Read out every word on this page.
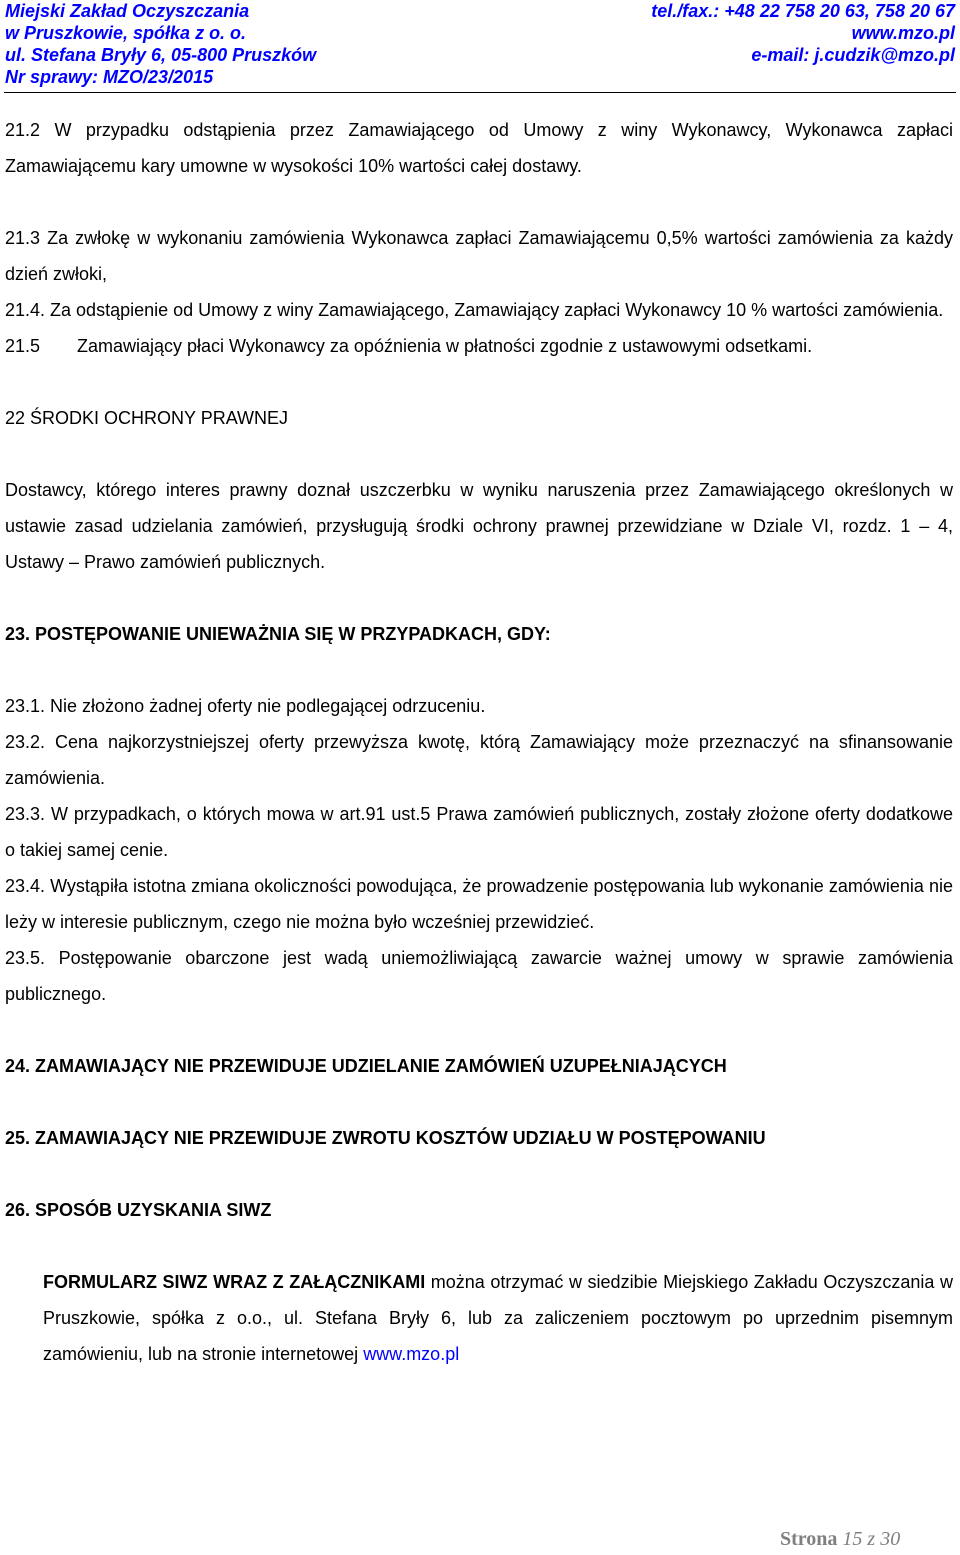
Miejski Zakład Oczyszczania	tel./fax.: +48 22 758 20 63, 758 20 67
w Pruszkowie, spółka z o. o.	www.mzo.pl
ul. Stefana Bryły 6, 05-800 Pruszków	e-mail: j.cudzik@mzo.pl
Nr sprawy: MZO/23/2015

21.2 W przypadku odstąpienia przez Zamawiającego od Umowy z winy Wykonawcy, Wykonawca zapłaci Zamawiającemu kary umowne w wysokości 10% wartości całej dostawy.

21.3 Za zwłokę w wykonaniu zamówienia Wykonawca zapłaci Zamawiającemu 0,5% wartości zamówienia za każdy dzień zwłoki,

21.4. Za odstąpienie od Umowy z winy Zamawiającego, Zamawiający zapłaci Wykonawcy 10 % wartości zamówienia.

21.5 Zamawiający płaci Wykonawcy za opóźnienia w płatności zgodnie z ustawowymi odsetkami.

22 ŚRODKI OCHRONY PRAWNEJ

Dostawcy, którego interes prawny doznał uszczerbku w wyniku naruszenia przez Zamawiającego określonych w ustawie zasad udzielania zamówień, przysługują środki ochrony prawnej przewidziane w Dziale VI, rozdz. 1 – 4, Ustawy – Prawo zamówień publicznych.

23. POSTĘPOWANIE UNIEWAŻNIA SIĘ W PRZYPADKACH, GDY:

23.1. Nie złożono żadnej oferty nie podlegającej odrzuceniu.

23.2. Cena najkorzystniejszej oferty przewyższa kwotę, którą Zamawiający może przeznaczyć na sfinansowanie zamówienia.

23.3. W przypadkach, o których mowa w art.91 ust.5 Prawa zamówień publicznych, zostały złożone oferty dodatkowe o takiej samej cenie.

23.4. Wystąpiła istotna zmiana okoliczności powodująca, że prowadzenie postępowania lub wykonanie zamówienia nie leży w interesie publicznym, czego nie można było wcześniej przewidzieć.

23.5. Postępowanie obarczone jest wadą uniemożliwiającą zawarcie ważnej umowy w sprawie zamówienia publicznego.

24. ZAMAWIAJĄCY NIE PRZEWIDUJE UDZIELANIE ZAMÓWIEŃ UZUPEŁNIAJĄCYCH

25. ZAMAWIAJĄCY NIE PRZEWIDUJE ZWROTU KOSZTÓW UDZIAŁU W POSTĘPOWANIU

26. SPOSÓB UZYSKANIA SIWZ

FORMULARZ SIWZ WRAZ Z ZAŁĄCZNIKAMI można otrzymać w siedzibie Miejskiego Zakładu Oczyszczania w Pruszkowie, spółka z o.o., ul. Stefana Bryły 6, lub za zaliczeniem pocztowym po uprzednim pisemnym zamówieniu, lub na stronie internetowej www.mzo.pl

Strona 15 z 30
